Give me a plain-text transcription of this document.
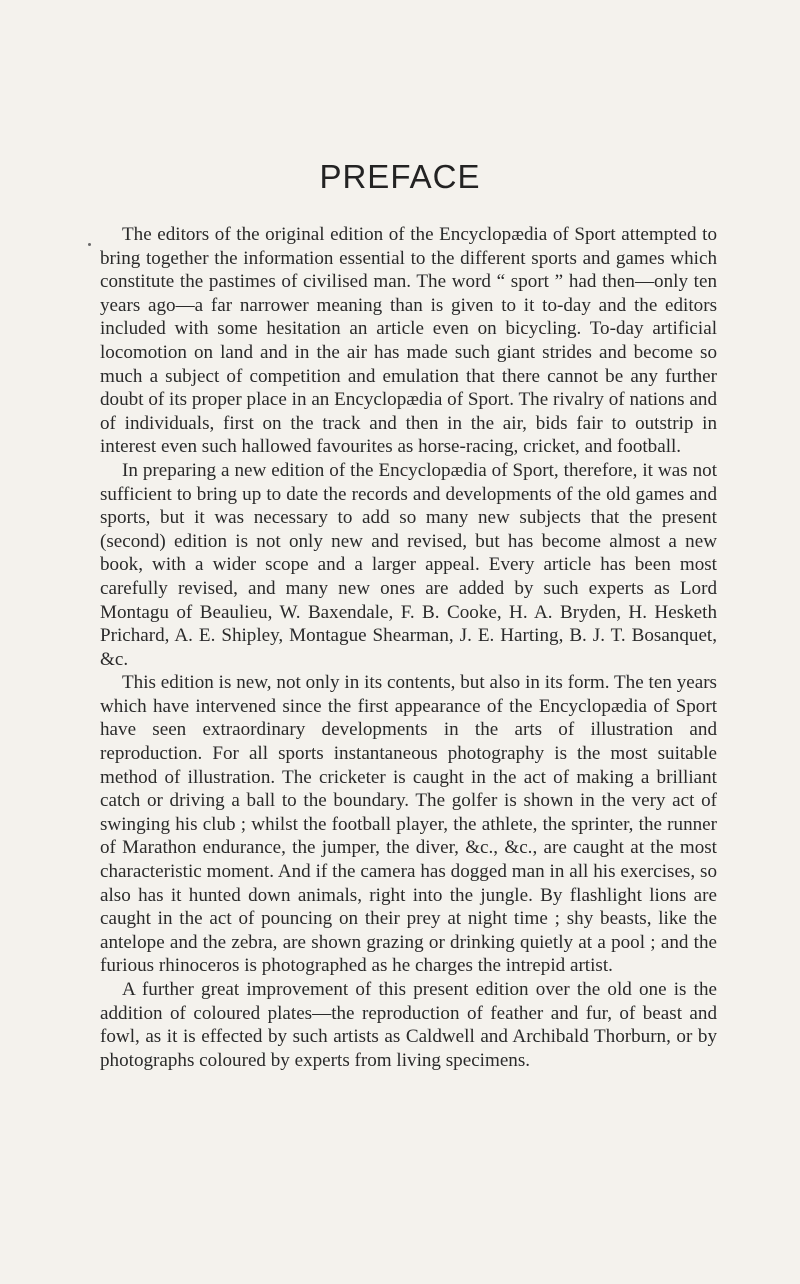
PREFACE

The editors of the original edition of the Encyclopædia of Sport attempted to bring together the information essential to the different sports and games which constitute the pastimes of civilised man. The word “ sport ” had then—only ten years ago—a far narrower meaning than is given to it to-day and the editors included with some hesitation an article even on bicycling. To-day artificial locomotion on land and in the air has made such giant strides and become so much a subject of competition and emulation that there cannot be any further doubt of its proper place in an Encyclopædia of Sport. The rivalry of nations and of individuals, first on the track and then in the air, bids fair to outstrip in interest even such hallowed favourites as horse-racing, cricket, and football.

In preparing a new edition of the Encyclopædia of Sport, therefore, it was not sufficient to bring up to date the records and developments of the old games and sports, but it was necessary to add so many new subjects that the present (second) edition is not only new and revised, but has become almost a new book, with a wider scope and a larger appeal. Every article has been most carefully revised, and many new ones are added by such experts as Lord Montagu of Beaulieu, W. Baxendale, F. B. Cooke, H. A. Bryden, H. Hesketh Prichard, A. E. Shipley, Montague Shearman, J. E. Harting, B. J. T. Bosanquet, &c.

This edition is new, not only in its contents, but also in its form. The ten years which have intervened since the first appearance of the Encyclopædia of Sport have seen extraordinary developments in the arts of illustration and reproduction. For all sports instantaneous photography is the most suitable method of illustration. The cricketer is caught in the act of making a brilliant catch or driving a ball to the boundary. The golfer is shown in the very act of swinging his club ; whilst the football player, the athlete, the sprinter, the runner of Marathon endurance, the jumper, the diver, &c., &c., are caught at the most characteristic moment. And if the camera has dogged man in all his exercises, so also has it hunted down animals, right into the jungle. By flashlight lions are caught in the act of pouncing on their prey at night time ; shy beasts, like the antelope and the zebra, are shown grazing or drinking quietly at a pool ; and the furious rhinoceros is photographed as he charges the intrepid artist.

A further great improvement of this present edition over the old one is the addition of coloured plates—the reproduction of feather and fur, of beast and fowl, as it is effected by such artists as Caldwell and Archibald Thorburn, or by photographs coloured by experts from living specimens.
